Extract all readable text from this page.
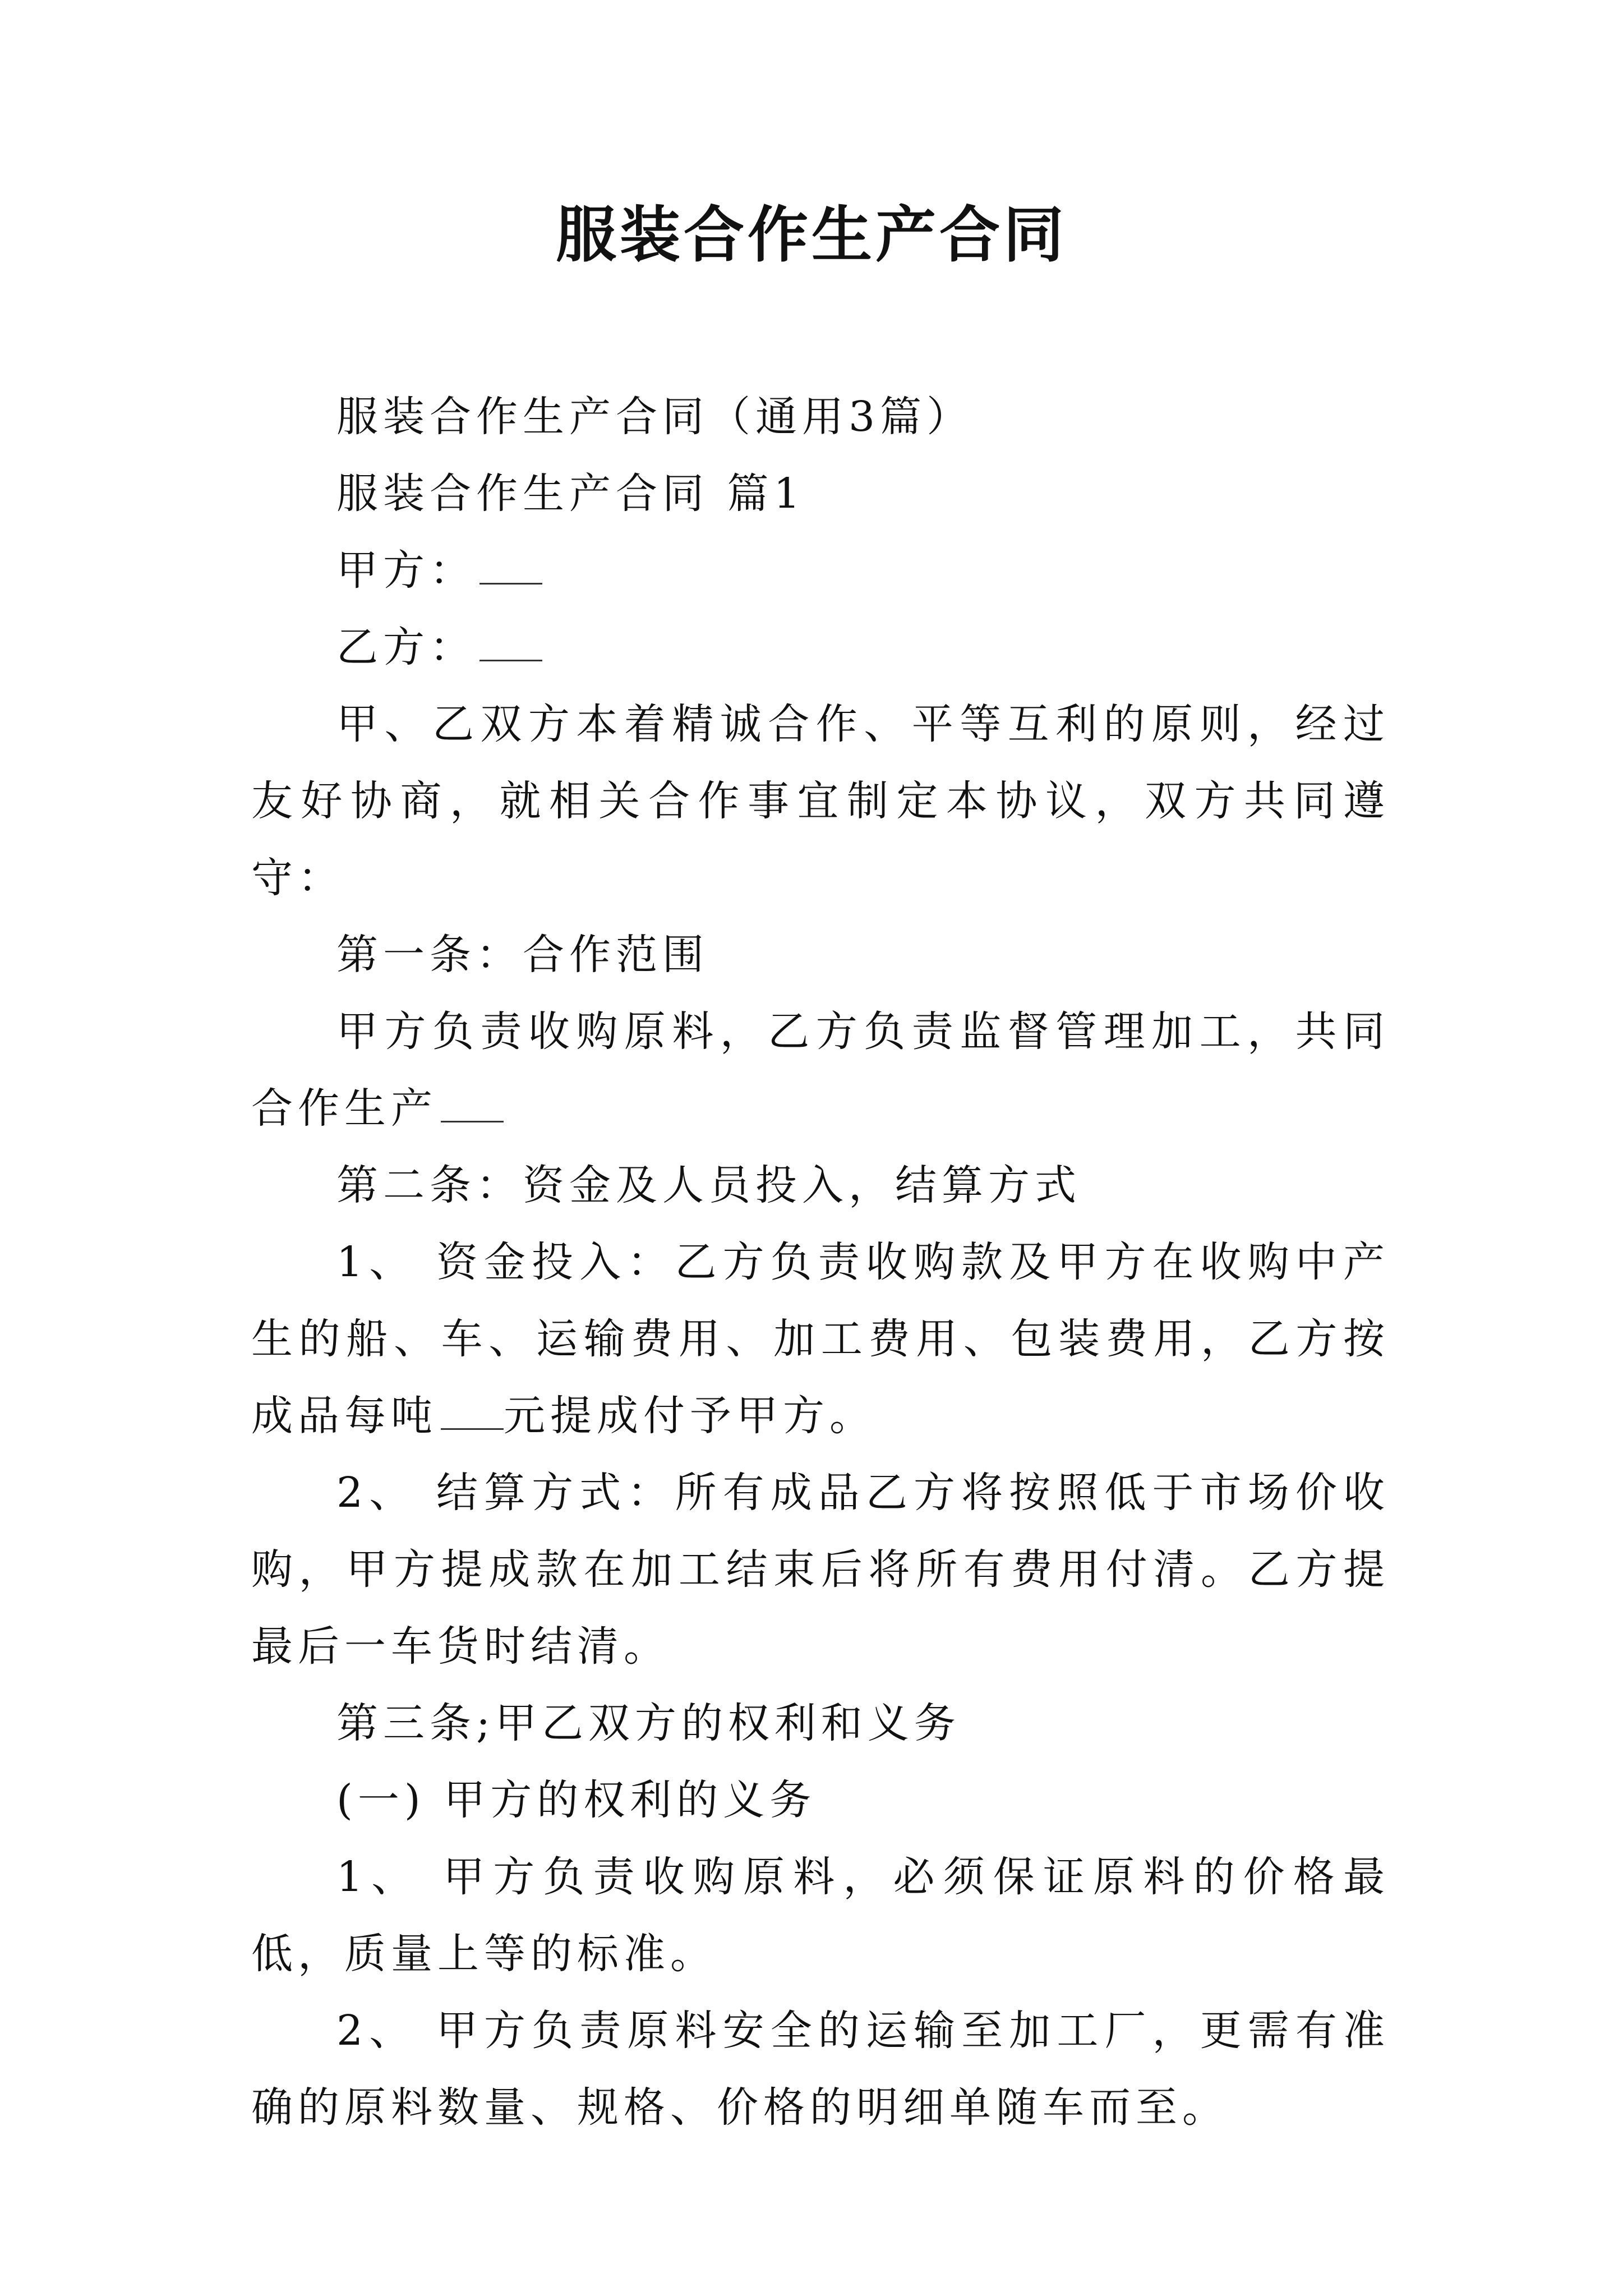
服装合作生产合同

服装合作生产合同（通用3篇）

服装合作生产合同 篇1

甲方：

乙方：

甲、乙双方本着精诚合作、平等互利的原则，经过友好协商，就相关合作事宜制定本协议，双方共同遵守：

第一条：合作范围

甲方负责收购原料，乙方负责监督管理加工，共同合作生产

第二条：资金及人员投入，结算方式

1、 资金投入：乙方负责收购款及甲方在收购中产生的船、车、运输费用、加工费用、包装费用，乙方按成品每吨 元提成付予甲方。

2、 结算方式：所有成品乙方将按照低于市场价收购，甲方提成款在加工结束后将所有费用付清。乙方提最后一车货时结清。

第三条;甲乙双方的权利和义务

(一) 甲方的权利的义务

1、 甲方负责收购原料，必须保证原料的价格最低，质量上等的标准。

2、 甲方负责原料安全的运输至加工厂，更需有准确的原料数量、规格、价格的明细单随车而至。
